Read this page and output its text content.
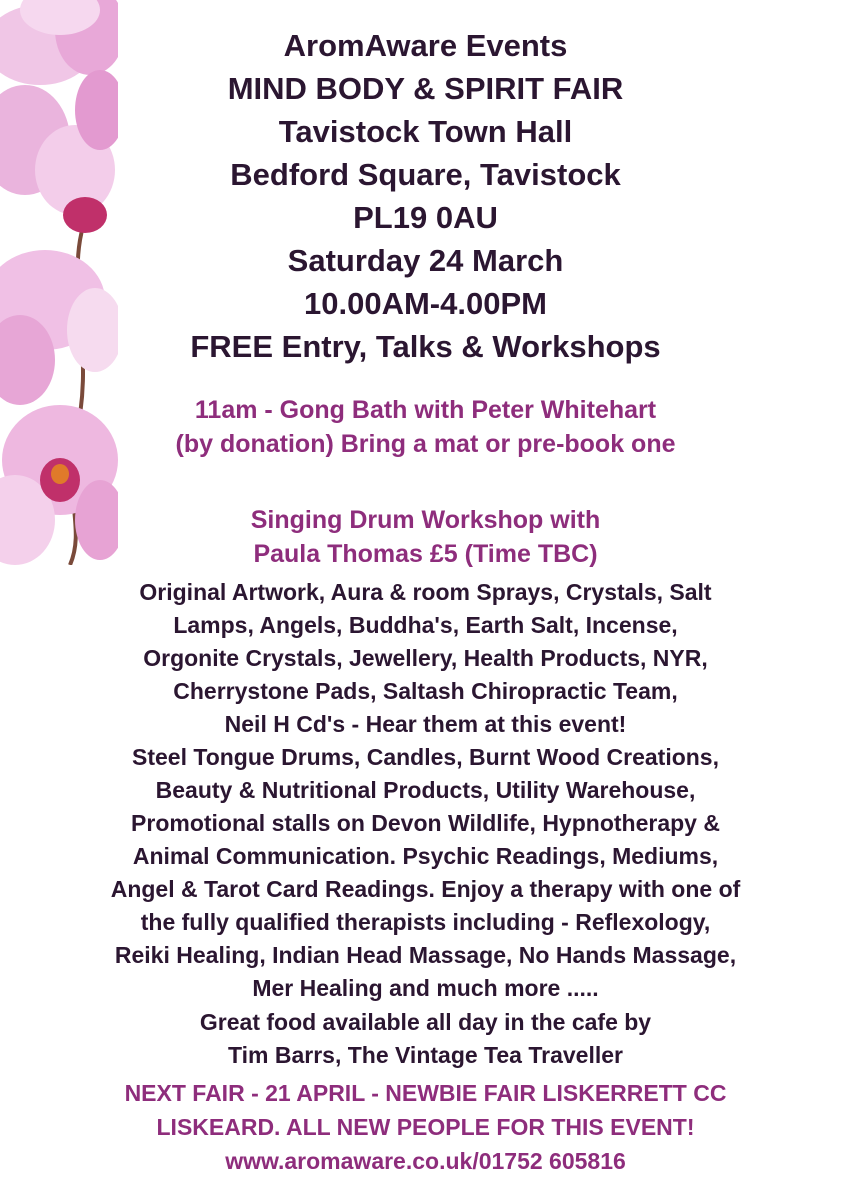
AromAware Events
MIND BODY & SPIRIT FAIR
Tavistock Town Hall
Bedford Square, Tavistock
PL19 0AU
Saturday 24 March
10.00AM-4.00PM
FREE Entry, Talks & Workshops
11am - Gong Bath with Peter Whitehart
(by donation) Bring a mat or pre-book one
Singing Drum Workshop with
Paula Thomas £5 (Time TBC)
Original Artwork, Aura & room Sprays, Crystals, Salt
Lamps, Angels, Buddha's, Earth Salt, Incense,
Orgonite Crystals, Jewellery, Health Products, NYR,
Cherrystone Pads, Saltash Chiropractic Team,
Neil H Cd's - Hear them at this event!
Steel Tongue Drums, Candles, Burnt Wood Creations,
Beauty & Nutritional Products, Utility Warehouse,
Promotional stalls on Devon Wildlife, Hypnotherapy &
Animal Communication. Psychic Readings, Mediums,
Angel & Tarot Card Readings. Enjoy a therapy with one of
the fully qualified therapists including - Reflexology,
Reiki Healing, Indian Head Massage, No Hands Massage,
Mer Healing and much more .....
Great food available all day in the cafe by
Tim Barrs, The Vintage Tea Traveller
NEXT FAIR - 21 APRIL - NEWBIE FAIR LISKERRETT CC
LISKEARD. ALL NEW PEOPLE FOR THIS EVENT!
www.aromaware.co.uk/01752 605816
